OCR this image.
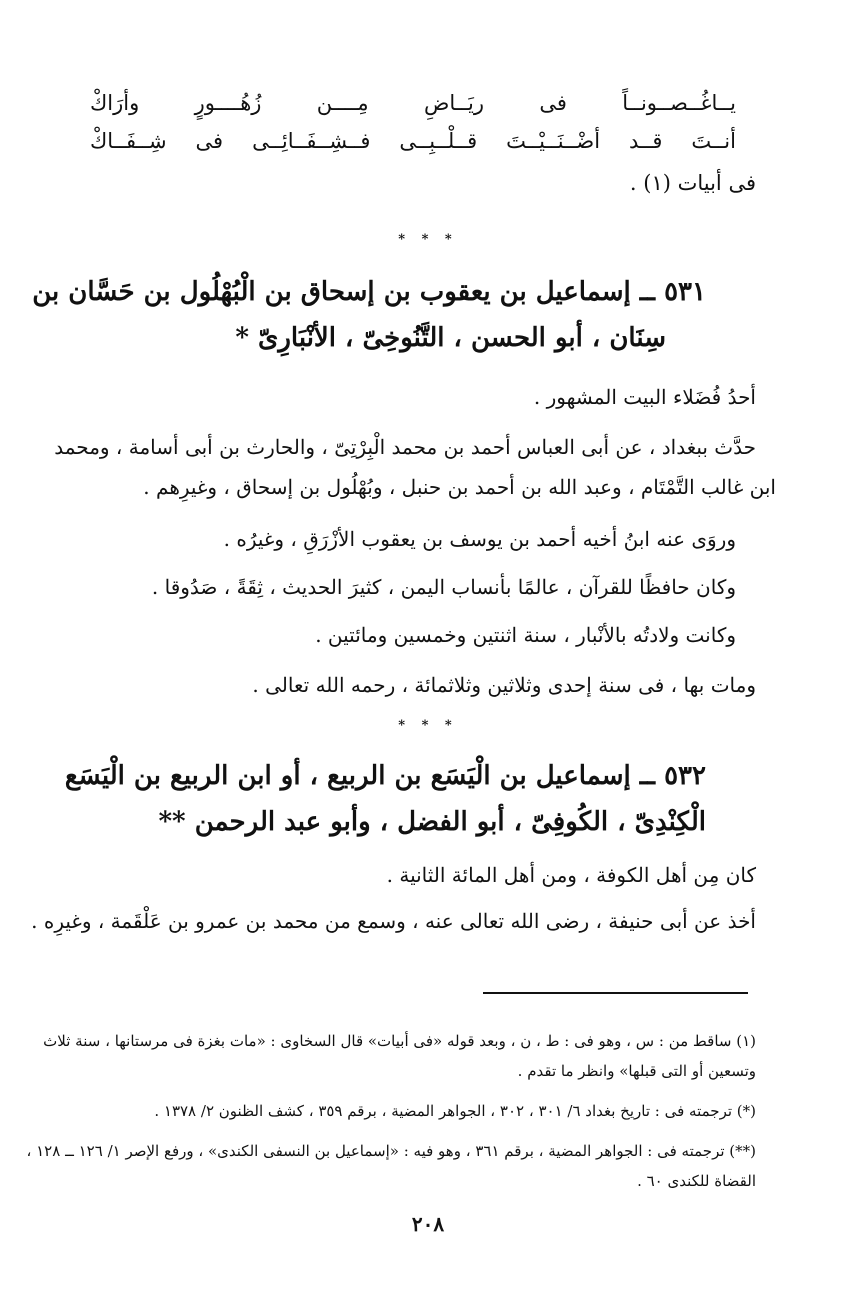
يــاغُــصــونــاً فى ريَــاضِ مِــــن زُهُــــورٍ وأرَاكْ
أنــتَ قــد أضْــنَــيْــتَ قــلْــبِــى فــشِــفَــائِــى فى شِــفَــاكْ
فى أبيات (١) .
* * *
٥٣١ ــ إسماعيل بن يعقوب بن إسحاق بن الْبُهْلُول بن حَسَّان بن
سِنَان ، أبو الحسن ، التَّنُوخِىّ ، الأنْبَارِىّ *
أحدُ فُضَلاء البيت المشهور .
حدَّث ببغداد ، عن أبى العباس أحمد بن محمد الْبِرْتِىّ ، والحارث بن أبى أسامة ، ومحمد
ابن غالب التَّمْتَام ، وعبد الله بن أحمد بن حنبل ، وبُهْلُول بن إسحاق ، وغيرِهم .
وروَى عنه ابنُ أخيه أحمد بن يوسف بن يعقوب الأزْرَقِ ، وغيرُه .
وكان حافظًا للقرآن ، عالمًا بأنساب اليمن ، كثيرَ الحديث ، ثِقَةً ، صَدُوقا .
وكانت ولادتُه بالأنْبار ، سنة اثنتين وخمسين ومائتين .
ومات بها ، فى سنة إحدى وثلاثين وثلاثمائة ، رحمه الله تعالى .
* * *
٥٣٢ ــ إسماعيل بن الْيَسَع بن الربيع ، أو ابن الربيع بن الْيَسَع
الْكِنْدِىّ ، الكُوفِىّ ، أبو الفضل ، وأبو عبد الرحمن **
كان مِن أهل الكوفة ، ومن أهل المائة الثانية .
أخذ عن أبى حنيفة ، رضى الله تعالى عنه ، وسمع من محمد بن عمرو بن عَلْقَمة ، وغيرِه .
(١) ساقط من : س ، وهو فى : ط ، ن ، وبعد قوله «فى أبيات» قال السخاوى : «مات بغزة فى مرستانها ، سنة ثلاث
وتسعين أو التى قبلها» وانظر ما تقدم .
(*) ترجمته فى : تاريخ بغداد ٦/ ٣٠١ ، ٣٠٢ ، الجواهر المضية ، برقم ٣٥٩ ، كشف الظنون ٢/ ١٣٧٨ .
(**) ترجمته فى : الجواهر المضية ، برقم ٣٦١ ، وهو فيه : «إسماعيل بن النسفى الكندى» ، ورفع الإصر ١/ ١٢٦ ــ ١٢٨ ،
القضاة للكندى ٦٠ .
٢٠٨
